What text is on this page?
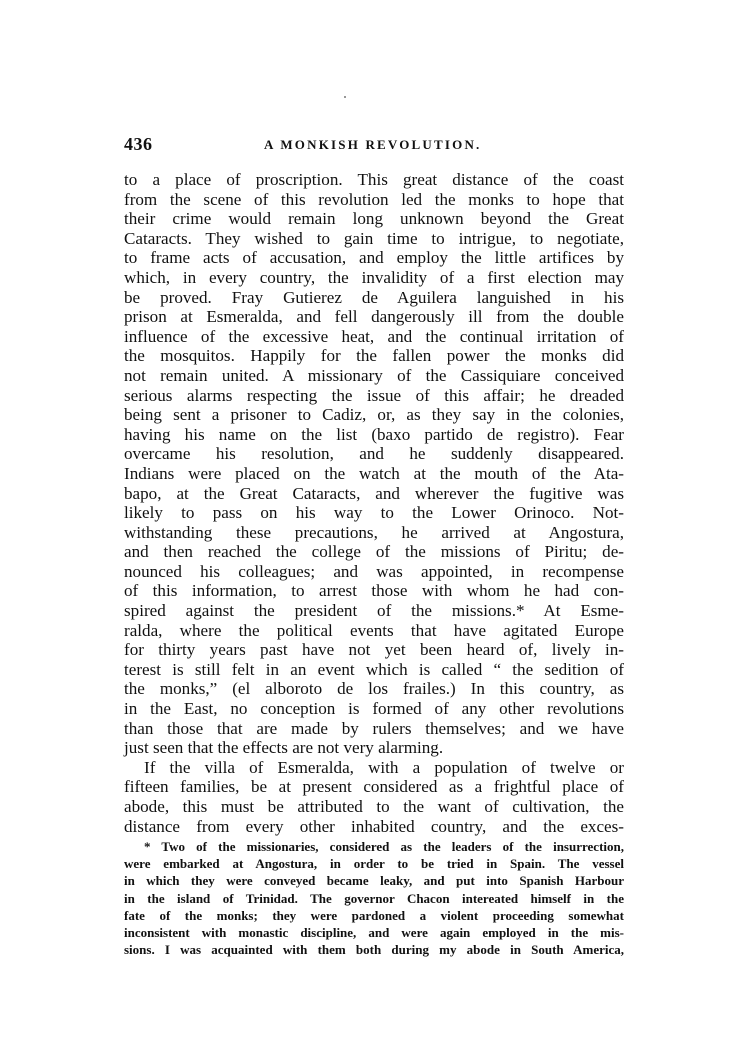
436	A MONKISH REVOLUTION.
to a place of proscription. This great distance of the coast
from the scene of this revolution led the monks to hope that
their crime would remain long unknown beyond the Great
Cataracts. They wished to gain time to intrigue, to negotiate,
to frame acts of accusation, and employ the little artifices by
which, in every country, the invalidity of a first election may
be proved. Fray Gutierez de Aguilera languished in his
prison at Esmeralda, and fell dangerously ill from the double
influence of the excessive heat, and the continual irritation of
the mosquitos. Happily for the fallen power the monks did
not remain united. A missionary of the Cassiquiare conceived
serious alarms respecting the issue of this affair; he dreaded
being sent a prisoner to Cadiz, or, as they say in the colonies,
having his name on the list (baxo partido de registro). Fear
overcame his resolution, and he suddenly disappeared.
Indians were placed on the watch at the mouth of the Ata-
bapo, at the Great Cataracts, and wherever the fugitive was
likely to pass on his way to the Lower Orinoco. Not-
withstanding these precautions, he arrived at Angostura,
and then reached the college of the missions of Piritu; de-
nounced his colleagues; and was appointed, in recompense
of this information, to arrest those with whom he had con-
spired against the president of the missions.* At Esme-
ralda, where the political events that have agitated Europe
for thirty years past have not yet been heard of, lively in-
terest is still felt in an event which is called “ the sedition of
the monks,” (el alboroto de los frailes.) In this country, as
in the East, no conception is formed of any other revolutions
than those that are made by rulers themselves; and we have
just seen that the effects are not very alarming.
If the villa of Esmeralda, with a population of twelve or
fifteen families, be at present considered as a frightful place of
abode, this must be attributed to the want of cultivation, the
distance from every other inhabited country, and the exces-
* Two of the missionaries, considered as the leaders of the insurrection,
were embarked at Angostura, in order to be tried in Spain. The vessel
in which they were conveyed became leaky, and put into Spanish Harbour
in the island of Trinidad. The governor Chacon intereated himself in the
fate of the monks; they were pardoned a violent proceeding somewhat
inconsistent with monastic discipline, and were again employed in the mis-
sions. I was acquainted with them both during my abode in South America,
